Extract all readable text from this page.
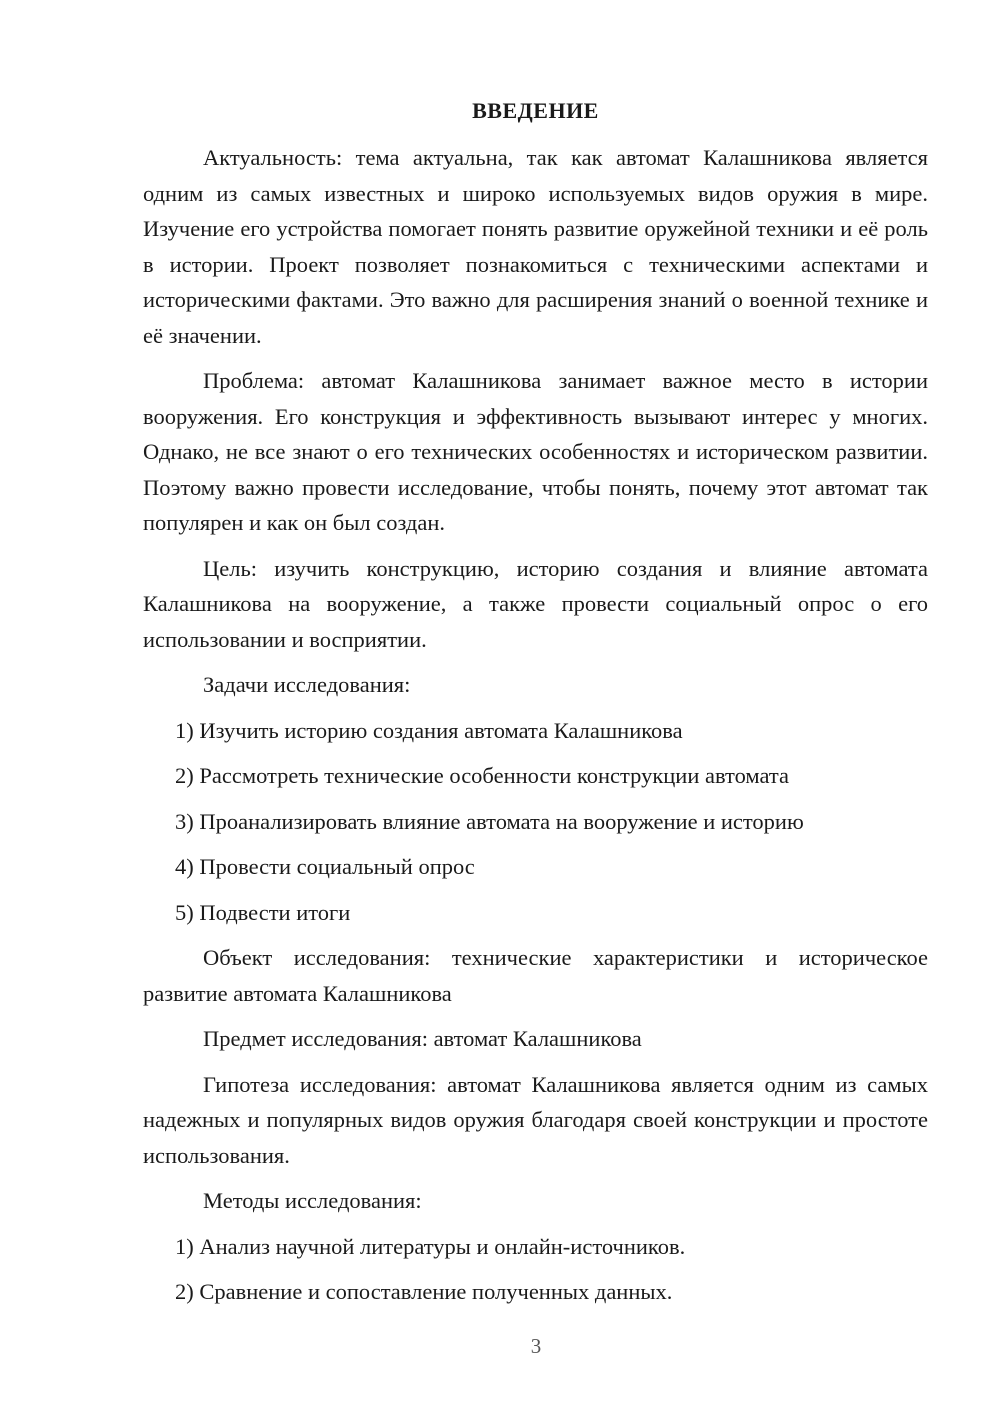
ВВЕДЕНИЕ

Актуальность: тема актуальна, так как автомат Калашникова является одним из самых известных и широко используемых видов оружия в мире. Изучение его устройства помогает понять развитие оружейной техники и её роль в истории. Проект позволяет познакомиться с техническими аспектами и историческими фактами. Это важно для расширения знаний о военной технике и её значении.

Проблема: автомат Калашникова занимает важное место в истории вооружения. Его конструкция и эффективность вызывают интерес у многих. Однако, не все знают о его технических особенностях и историческом развитии. Поэтому важно провести исследование, чтобы понять, почему этот автомат так популярен и как он был создан.

Цель: изучить конструкцию, историю создания и влияние автомата Калашникова на вооружение, а также провести социальный опрос о его использовании и восприятии.

Задачи исследования:

1) Изучить историю создания автомата Калашникова
2) Рассмотреть технические особенности конструкции автомата
3) Проанализировать влияние автомата на вооружение и историю
4) Провести социальный опрос
5) Подвести итоги

Объект исследования: технические характеристики и историческое развитие автомата Калашникова

Предмет исследования: автомат Калашникова

Гипотеза исследования: автомат Калашникова является одним из самых надежных и популярных видов оружия благодаря своей конструкции и простоте использования.

Методы исследования:

1) Анализ научной литературы и онлайн-источников.
2) Сравнение и сопоставление полученных данных.
3
